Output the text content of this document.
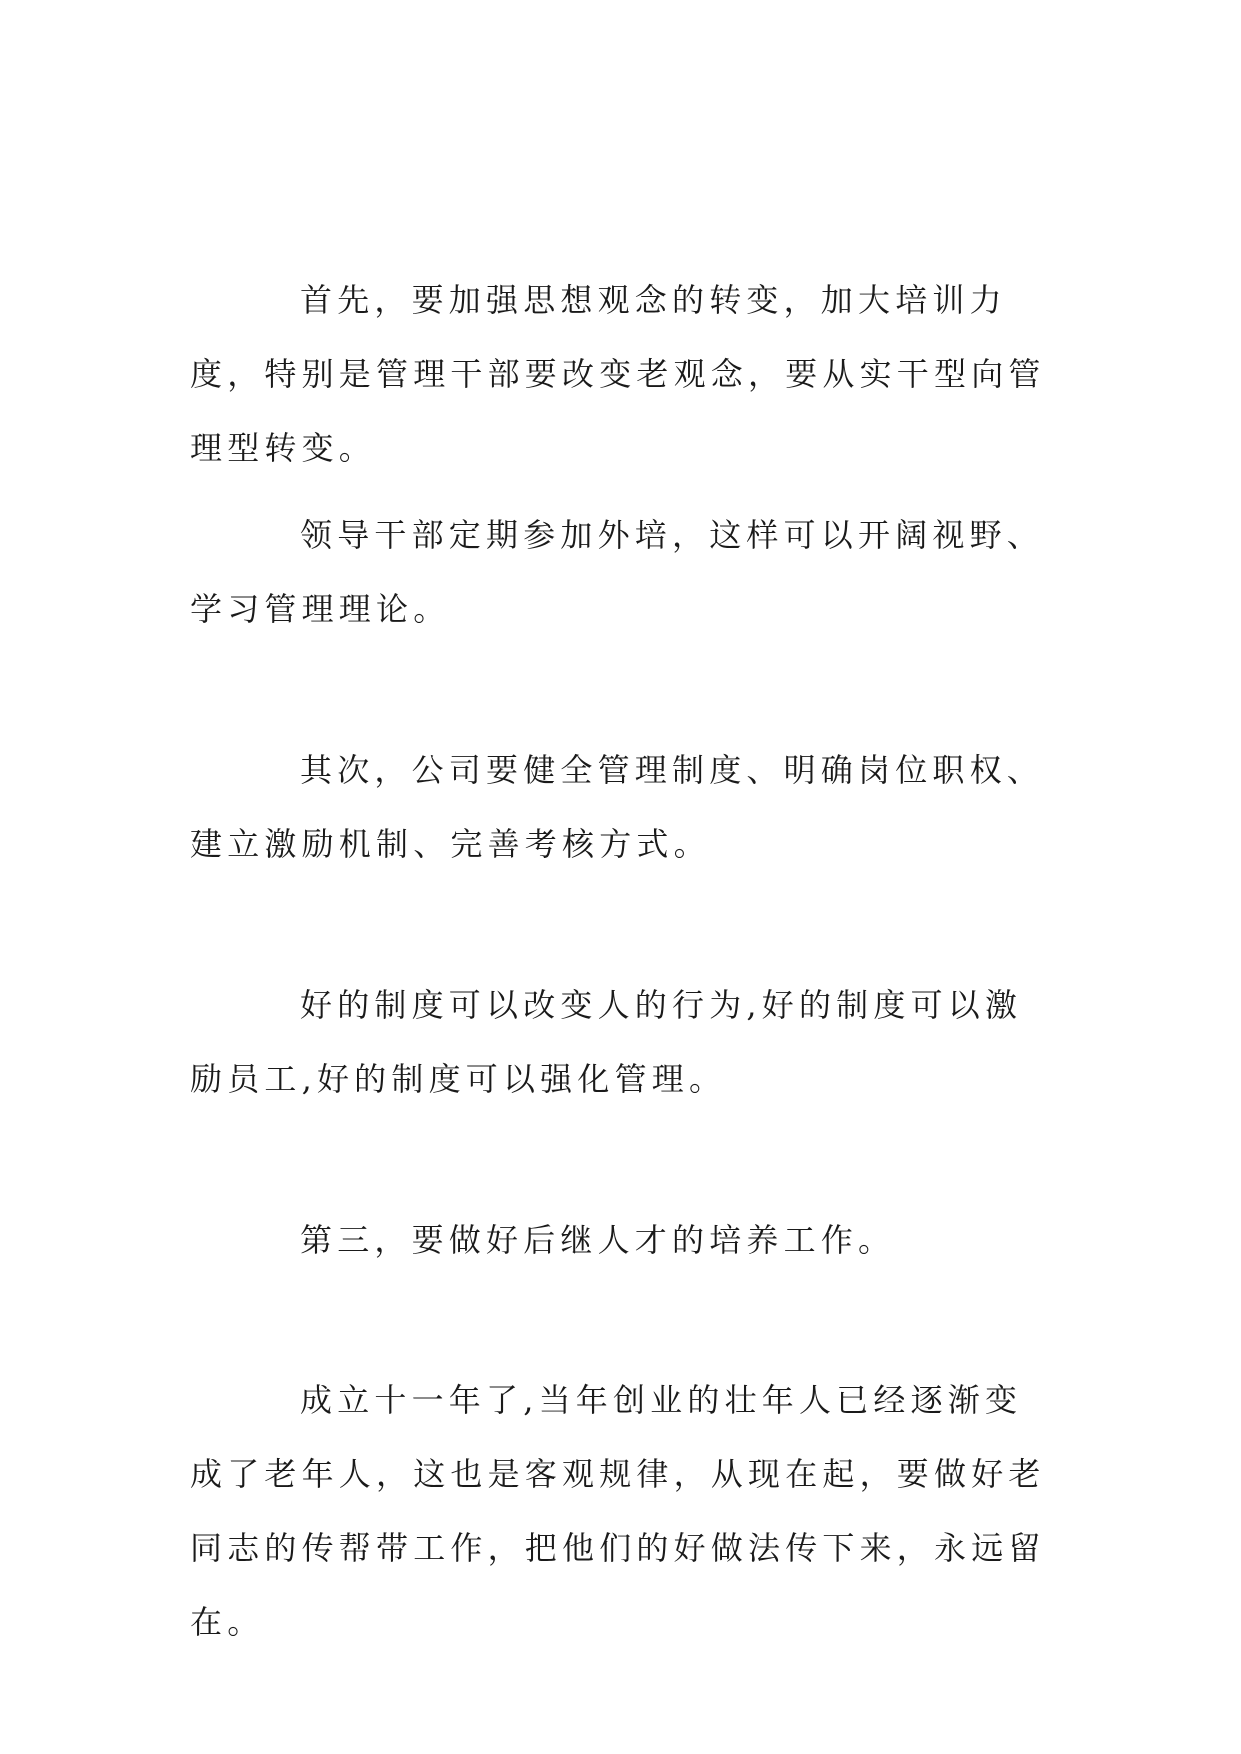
首先，要加强思想观念的转变，加大培训力度，特别是管理干部要改变老观念，要从实干型向管理型转变。

领导干部定期参加外培，这样可以开阔视野、学习管理理论。

其次，公司要健全管理制度、明确岗位职权、建立激励机制、完善考核方式。

好的制度可以改变人的行为,好的制度可以激励员工,好的制度可以强化管理。

第三，要做好后继人才的培养工作。

成立十一年了,当年创业的壮年人已经逐渐变成了老年人，这也是客观规律，从现在起，要做好老同志的传帮带工作，把他们的好做法传下来，永远留在。
